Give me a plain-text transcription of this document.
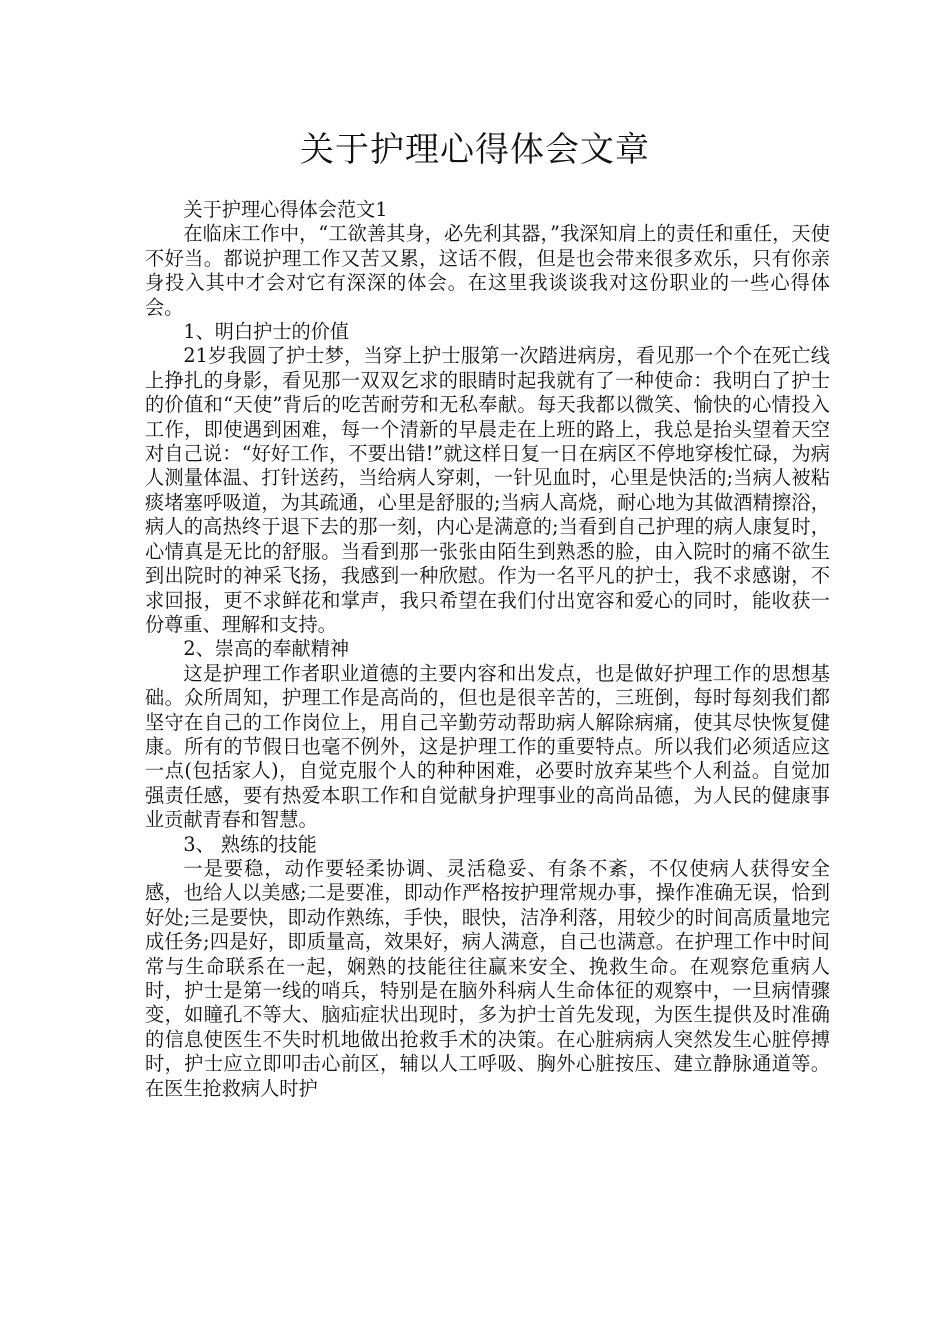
关于护理心得体会文章

关于护理心得体会范文1

在临床工作中，“工欲善其身，必先利其器，”我深知肩上的责任和重任，天使不好当。都说护理工作又苦又累，这话不假，但是也会带来很多欢乐，只有你亲身投入其中才会对它有深深的体会。在这里我谈谈我对这份职业的一些心得体会。

1、明白护士的价值

21岁我圆了护士梦，当穿上护士服第一次踏进病房，看见那一个个在死亡线上挣扎的身影，看见那一双双乞求的眼睛时起我就有了一种使命：我明白了护士的价值和“天使”背后的吃苦耐劳和无私奉献。每天我都以微笑、愉快的心情投入工作，即使遇到困难，每一个清新的早晨走在上班的路上，我总是抬头望着天空对自己说：“好好工作，不要出错!”就这样日复一日在病区不停地穿梭忙碌，为病人测量体温、打针送药，当给病人穿刺，一针见血时，心里是快活的;当病人被粘痰堵塞呼吸道，为其疏通，心里是舒服的;当病人高烧，耐心地为其做酒精擦浴，病人的高热终于退下去的那一刻，内心是满意的;当看到自己护理的病人康复时，心情真是无比的舒服。当看到那一张张由陌生到熟悉的脸，由入院时的痛不欲生到出院时的神采飞扬，我感到一种欣慰。作为一名平凡的护士，我不求感谢，不求回报，更不求鲜花和掌声，我只希望在我们付出宽容和爱心的同时，能收获一份尊重、理解和支持。

2、崇高的奉献精神

这是护理工作者职业道德的主要内容和出发点，也是做好护理工作的思想基础。众所周知，护理工作是高尚的，但也是很辛苦的，三班倒，每时每刻我们都坚守在自己的工作岗位上，用自己辛勤劳动帮助病人解除病痛，使其尽快恢复健康。所有的节假日也毫不例外，这是护理工作的重要特点。所以我们必须适应这一点(包括家人)，自觉克服个人的种种困难，必要时放弃某些个人利益。自觉加强责任感，要有热爱本职工作和自觉献身护理事业的高尚品德，为人民的健康事业贡献青春和智慧。

3、 熟练的技能

一是要稳，动作要轻柔协调、灵活稳妥、有条不紊，不仅使病人获得安全感，也给人以美感;二是要准，即动作严格按护理常规办事，操作准确无误，恰到好处;三是要快，即动作熟练，手快，眼快，洁净利落，用较少的时间高质量地完成任务;四是好，即质量高，效果好，病人满意，自己也满意。在护理工作中时间常与生命联系在一起，娴熟的技能往往赢来安全、挽救生命。在观察危重病人时，护士是第一线的哨兵，特别是在脑外科病人生命体征的观察中，一旦病情骤变，如瞳孔不等大、脑疝症状出现时，多为护士首先发现，为医生提供及时准确的信息使医生不失时机地做出抢救手术的决策。在心脏病病人突然发生心脏停搏时，护士应立即叩击心前区，辅以人工呼吸、胸外心脏按压、建立静脉通道等。在医生抢救病人时护
